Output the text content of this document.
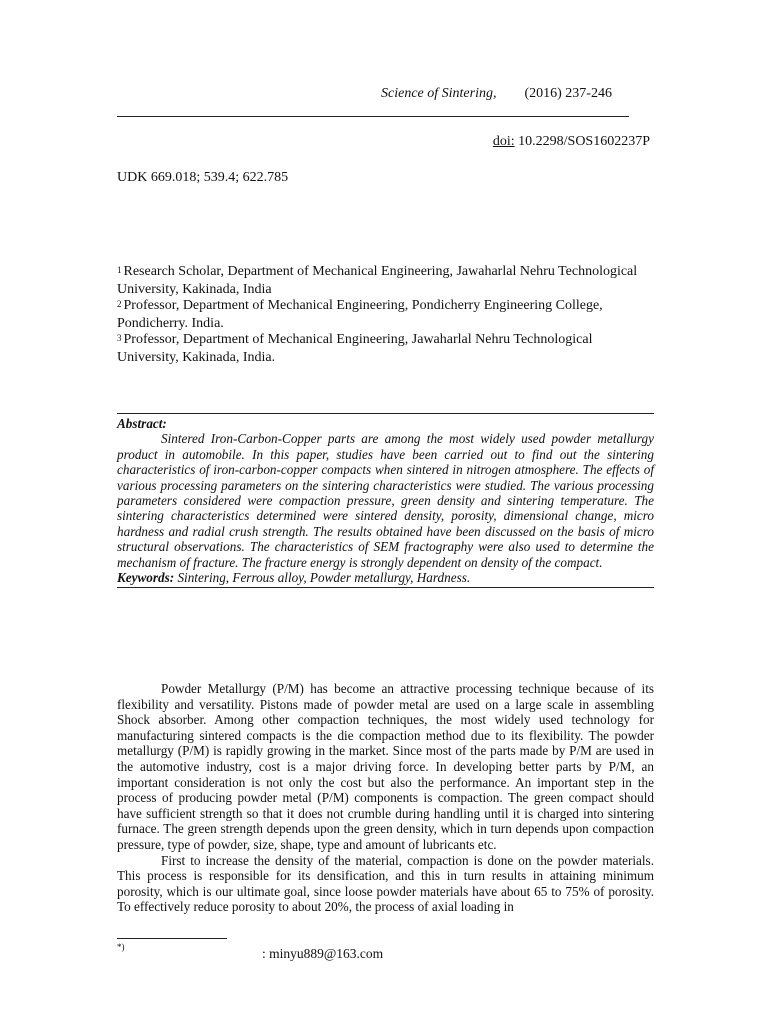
Science of Sintering, (2016) 237-246
doi: 10.2298/SOS1602237P
UDK 669.018; 539.4; 622.785
$^1$ Research Scholar, Department of Mechanical Engineering, Jawaharlal Nehru Technological University, Kakinada, India
$^2$ Professor, Department of Mechanical Engineering, Pondicherry Engineering College, Pondicherry. India.
$^3$ Professor, Department of Mechanical Engineering, Jawaharlal Nehru Technological University, Kakinada, India.
Abstract:
Sintered Iron-Carbon-Copper parts are among the most widely used powder metallurgy product in automobile. In this paper, studies have been carried out to find out the sintering characteristics of iron-carbon-copper compacts when sintered in nitrogen atmosphere. The effects of various processing parameters on the sintering characteristics were studied. The various processing parameters considered were compaction pressure, green density and sintering temperature. The sintering characteristics determined were sintered density, porosity, dimensional change, micro hardness and radial crush strength. The results obtained have been discussed on the basis of micro structural observations. The characteristics of SEM fractography were also used to determine the mechanism of fracture. The fracture energy is strongly dependent on density of the compact.
Keywords: Sintering, Ferrous alloy, Powder metallurgy, Hardness.

Powder Metallurgy (P/M) has become an attractive processing technique because of its flexibility and versatility. Pistons made of powder metal are used on a large scale in assembling Shock absorber. Among other compaction techniques, the most widely used technology for manufacturing sintered compacts is the die compaction method due to its flexibility. The powder metallurgy (P/M) is rapidly growing in the market. Since most of the parts made by P/M are used in the automotive industry, cost is a major driving force. In developing better parts by P/M, an important consideration is not only the cost but also the performance. An important step in the process of producing powder metal (P/M) components is compaction. The green compact should have sufficient strength so that it does not crumble during handling until it is charged into sintering furnace. The green strength depends upon the green density, which in turn depends upon compaction pressure, type of powder, size, shape, type and amount of lubricants etc.

First to increase the density of the material, compaction is done on the powder materials. This process is responsible for its densification, and this in turn results in attaining minimum porosity, which is our ultimate goal, since loose powder materials have about 65 to 75% of porosity. To effectively reduce porosity to about 20%, the process of axial loading in

*)	: minyu889@163.com
